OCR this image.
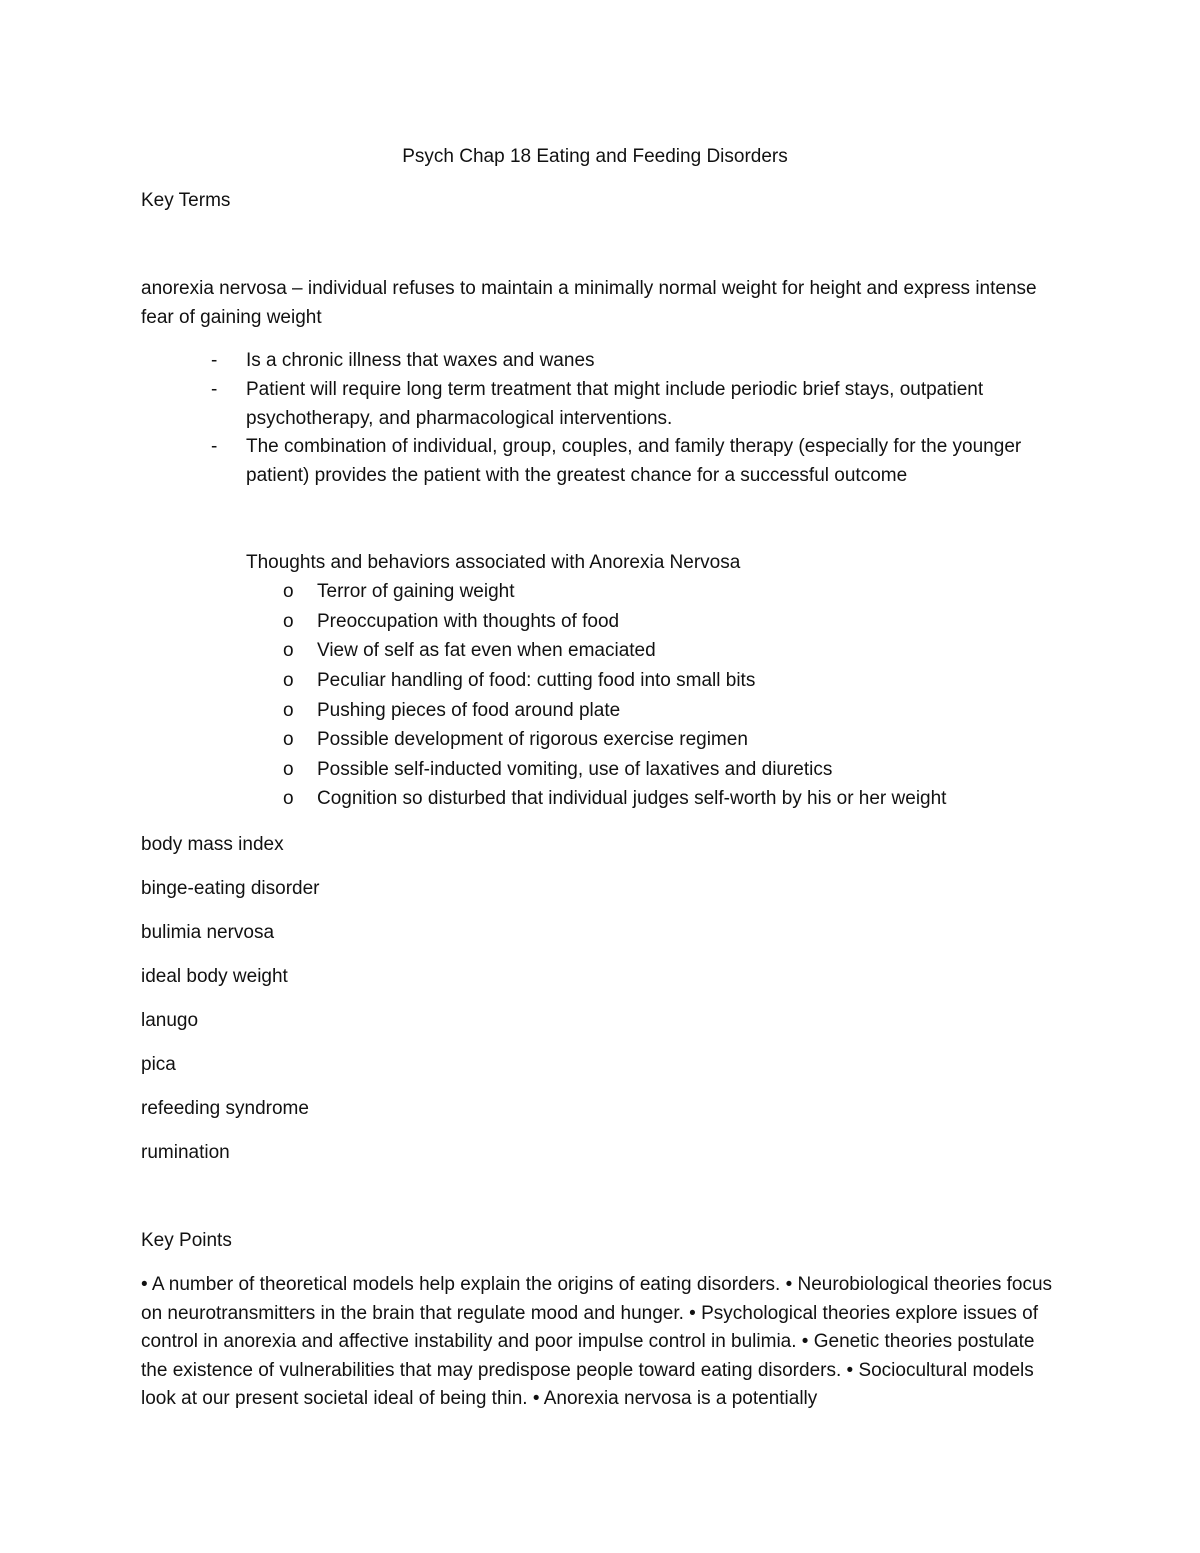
Psych Chap 18 Eating and Feeding Disorders
Key Terms
anorexia nervosa – individual refuses to maintain a minimally normal weight for height and express intense fear of gaining weight
-	Is a chronic illness that waxes and wanes
-	Patient will require long term treatment that might include periodic brief stays, outpatient psychotherapy, and pharmacological interventions.
-	The combination of individual, group, couples, and family therapy (especially for the younger patient) provides the patient with the greatest chance for a successful outcome
Thoughts and behaviors associated with Anorexia Nervosa
o Terror of gaining weight
o Preoccupation with thoughts of food
o View of self as fat even when emaciated
o Peculiar handling of food: cutting food into small bits
o Pushing pieces of food around plate
o Possible development of rigorous exercise regimen
o Possible self-inducted vomiting, use of laxatives and diuretics
o Cognition so disturbed that individual judges self-worth by his or her weight
body mass index
binge-eating disorder
bulimia nervosa
ideal body weight
lanugo
pica
refeeding syndrome
rumination
Key Points
• A number of theoretical models help explain the origins of eating disorders. • Neurobiological theories focus on neurotransmitters in the brain that regulate mood and hunger. • Psychological theories explore issues of control in anorexia and affective instability and poor impulse control in bulimia. • Genetic theories postulate the existence of vulnerabilities that may predispose people toward eating disorders. • Sociocultural models look at our present societal ideal of being thin. • Anorexia nervosa is a potentially
